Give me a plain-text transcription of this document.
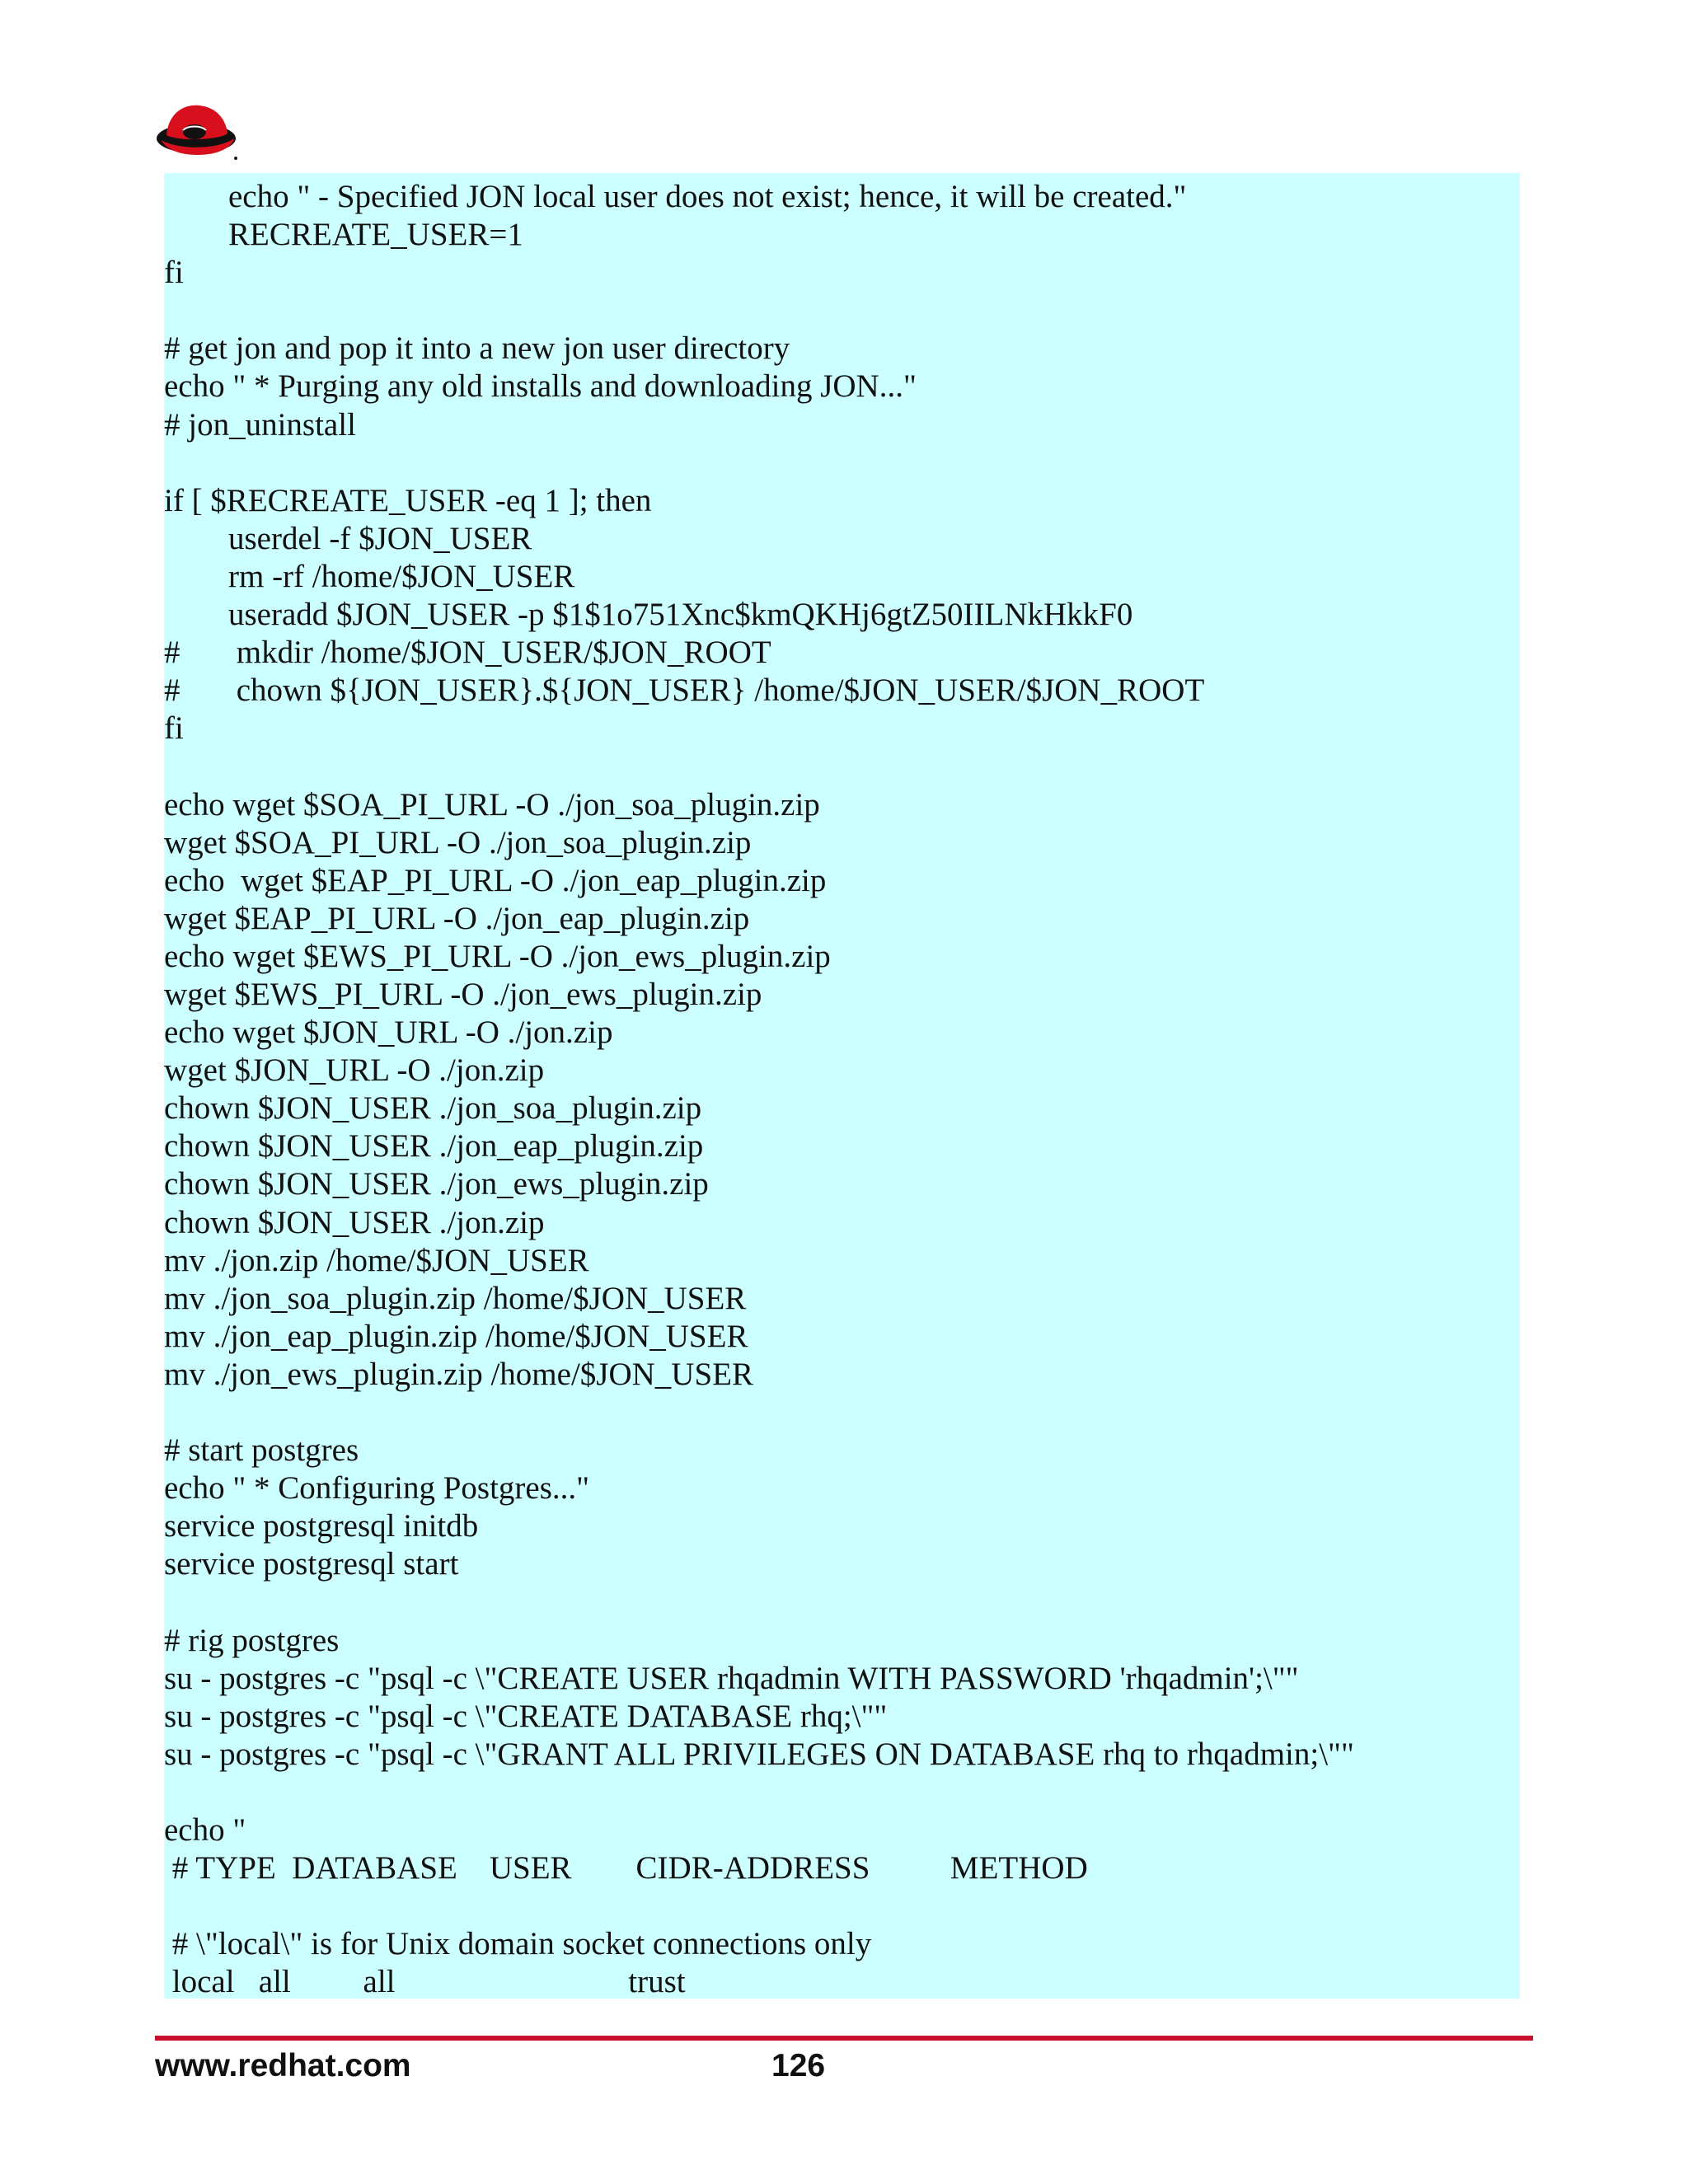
echo " - Specified JON local user does not exist; hence, it will be created."
RECREATE_USER=1
fi
# get jon and pop it into a new jon user directory
echo " * Purging any old installs and downloading JON..."
# jon_uninstall
if [ $RECREATE_USER -eq 1 ]; then
userdel -f $JON_USER
rm -rf /home/$JON_USER
useradd $JON_USER -p $1$1o751Xnc$kmQKHj6gtZ50IILNkHkkF0
#       mkdir /home/$JON_USER/$JON_ROOT
#       chown ${JON_USER}.${JON_USER} /home/$JON_USER/$JON_ROOT
fi
echo wget $SOA_PI_URL -O ./jon_soa_plugin.zip
wget $SOA_PI_URL -O ./jon_soa_plugin.zip
echo  wget $EAP_PI_URL -O ./jon_eap_plugin.zip
wget $EAP_PI_URL -O ./jon_eap_plugin.zip
echo wget $EWS_PI_URL -O ./jon_ews_plugin.zip
wget $EWS_PI_URL -O ./jon_ews_plugin.zip
echo wget $JON_URL -O ./jon.zip
wget $JON_URL -O ./jon.zip
chown $JON_USER ./jon_soa_plugin.zip
chown $JON_USER ./jon_eap_plugin.zip
chown $JON_USER ./jon_ews_plugin.zip
chown $JON_USER ./jon.zip
mv ./jon.zip /home/$JON_USER
mv ./jon_soa_plugin.zip /home/$JON_USER
mv ./jon_eap_plugin.zip /home/$JON_USER
mv ./jon_ews_plugin.zip /home/$JON_USER
# start postgres
echo " * Configuring Postgres..."
service postgresql initdb
service postgresql start
# rig postgres
su - postgres -c "psql -c \"CREATE USER rhqadmin WITH PASSWORD 'rhqadmin';\""
su - postgres -c "psql -c \"CREATE DATABASE rhq;\""
su - postgres -c "psql -c \"GRANT ALL PRIVILEGES ON DATABASE rhq to rhqadmin;\""
echo "
# TYPE  DATABASE    USER        CIDR-ADDRESS          METHOD
# \"local\" is for Unix domain socket connections only
local   all         all                             trust
www.redhat.com	126
